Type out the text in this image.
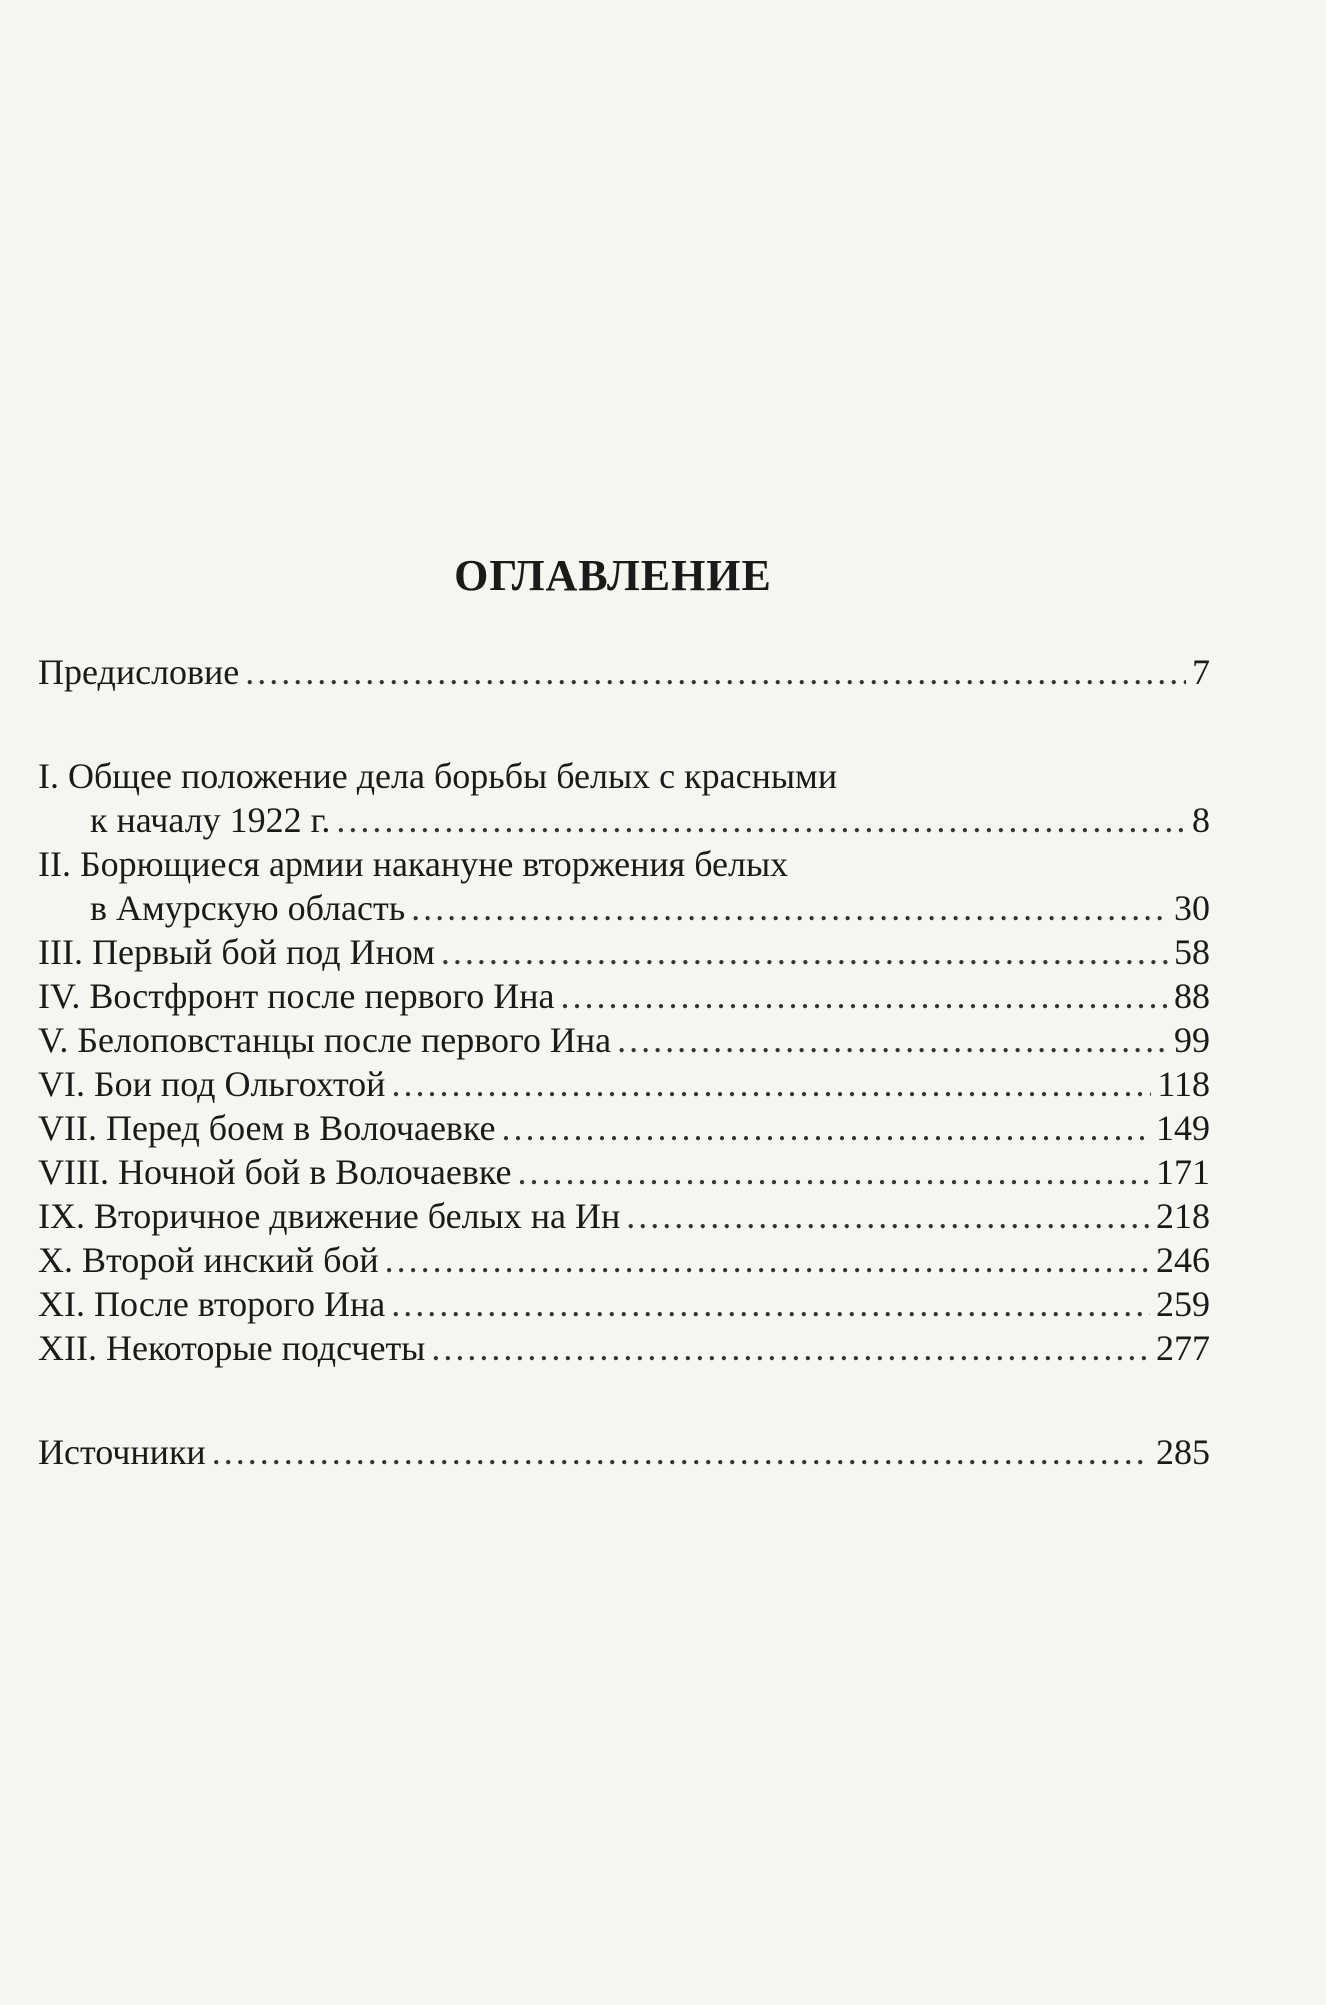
ОГЛАВЛЕНИЕ
Предисловие .....	7
I. Общее положение дела борьбы белых с красными
к началу 1922 г. .....	8
II. Борющиеся армии накануне вторжения белых
в Амурскую область .....	30
III. Первый бой под Ином .....	58
IV. Востфронт после первого Ина .....	88
V. Белоповстанцы после первого Ина .....	99
VI. Бои под Ольгохтой .....	118
VII. Перед боем в Волочаевке .....	149
VIII. Ночной бой в Волочаевке .....	171
IX. Вторичное движение белых на Ин .....	218
X. Второй инский бой .....	246
XI. После второго Ина .....	259
XII. Некоторые подсчеты .....	277
Источники .....	285
